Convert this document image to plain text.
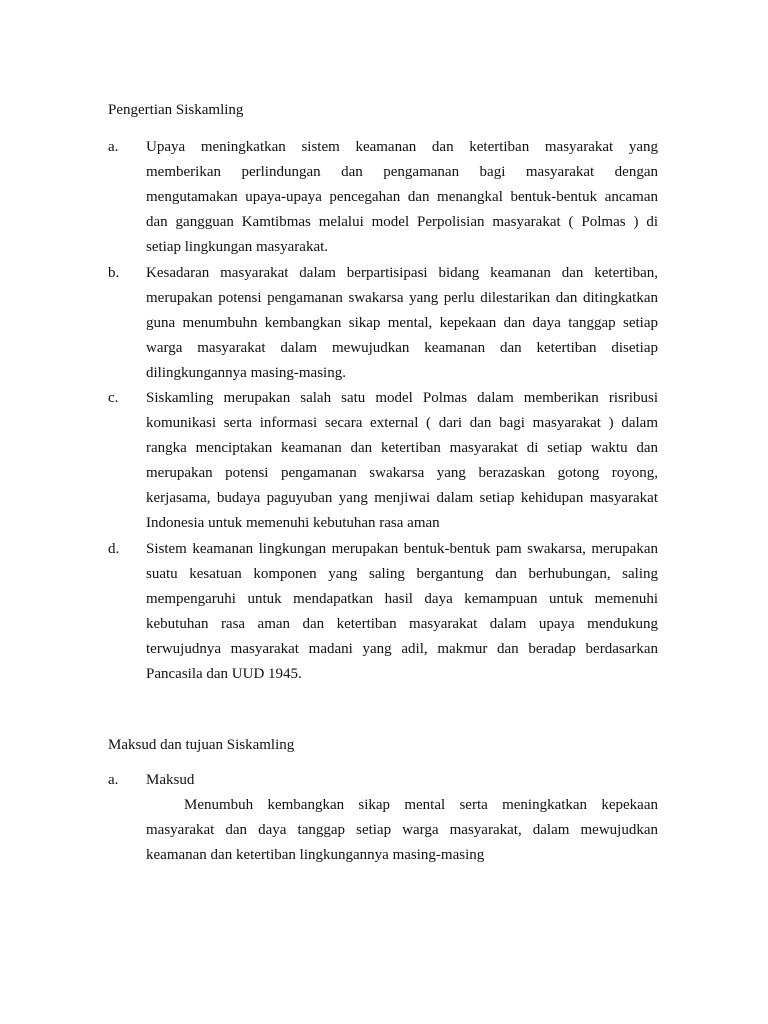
Pengertian Siskamling
a.	Upaya meningkatkan sistem keamanan dan ketertiban masyarakat yang
memberikan perlindungan dan pengamanan bagi masyarakat dengan
mengutamakan upaya-upaya pencegahan dan menangkal bentuk-bentuk ancaman
dan gangguan Kamtibmas melalui model Perpolisian masyarakat ( Polmas ) di
setiap lingkungan masyarakat.
b.	Kesadaran masyarakat dalam berpartisipasi bidang keamanan dan ketertiban,
merupakan potensi pengamanan swakarsa yang perlu dilestarikan dan ditingkatkan
guna menumbuhn kembangkan sikap mental, kepekaan dan daya tanggap setiap
warga masyarakat dalam mewujudkan keamanan dan ketertiban disetiap
dilingkungannya masing-masing.
c.	Siskamling merupakan salah satu model Polmas dalam memberikan risribusi
komunikasi serta informasi secara external ( dari dan bagi masyarakat ) dalam
rangka menciptakan keamanan dan ketertiban masyarakat di setiap waktu dan
merupakan potensi pengamanan swakarsa yang berazaskan gotong royong,
kerjasama, budaya paguyuban yang menjiwai dalam setiap kehidupan masyarakat
Indonesia untuk memenuhi kebutuhan rasa aman
d.	Sistem keamanan lingkungan merupakan bentuk-bentuk pam swakarsa, merupakan
suatu kesatuan komponen yang saling bergantung dan berhubungan, saling
mempengaruhi untuk mendapatkan hasil daya kemampuan untuk memenuhi
kebutuhan rasa aman dan ketertiban masyarakat dalam upaya mendukung
terwujudnya masyarakat madani yang adil, makmur dan beradap berdasarkan
Pancasila dan UUD 1945.
Maksud dan tujuan Siskamling
a.	Maksud
Menumbuh kembangkan sikap mental serta meningkatkan kepekaan
masyarakat dan daya tanggap setiap warga masyarakat, dalam mewujudkan
keamanan dan ketertiban lingkungannya masing-masing
